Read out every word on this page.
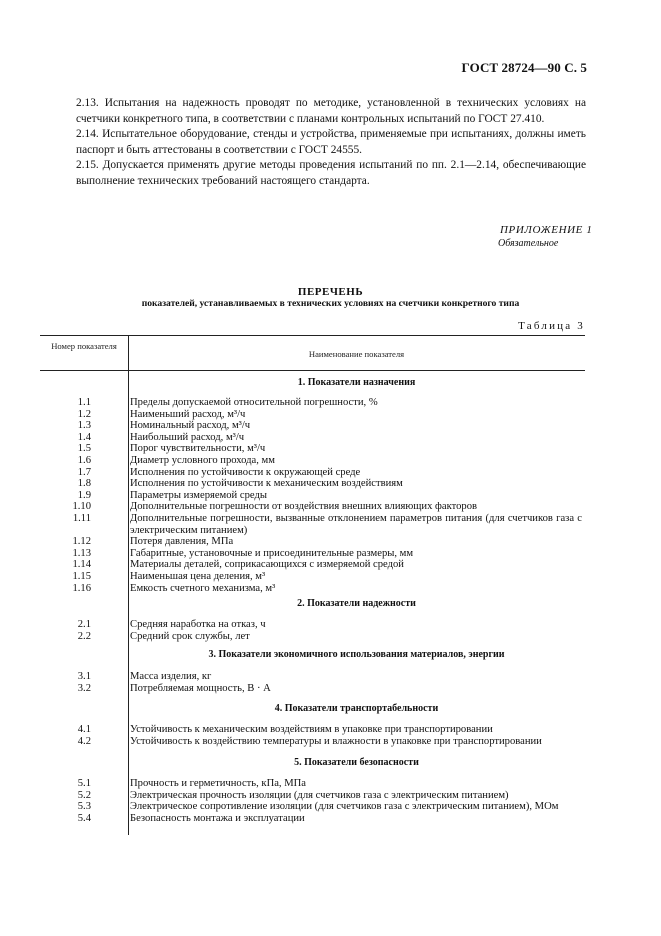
ГОСТ 28724—90 С. 5

2.13. Испытания на надежность проводят по методике, установленной в технических условиях на счетчики конкретного типа, в соответствии с планами контрольных испытаний по ГОСТ 27.410.

2.14. Испытательное оборудование, стенды и устройства, применяемые при испытаниях, должны иметь паспорт и быть аттестованы в соответствии с ГОСТ 24555.

2.15. Допускается применять другие методы проведения испытаний по пп. 2.1—2.14, обеспечивающие выполнение технических требований настоящего стандарта.

ПРИЛОЖЕНИЕ 1
Обязательное
ПЕРЕЧЕНЬ
показателей, устанавливаемых в технических условиях на счетчики конкретного типа
Таблица 3
Номер показателя
Наименование показателя
1. Показатели назначения
1.1	Пределы допускаемой относительной погрешности, %
1.2	Наименьший расход, м³/ч
1.3	Номинальный расход, м³/ч
1.4	Наибольший расход, м³/ч
1.5	Порог чувствительности, м³/ч
1.6	Диаметр условного прохода, мм
1.7	Исполнения по устойчивости к окружающей среде
1.8	Исполнения по устойчивости к механическим воздействиям
1.9	Параметры измеряемой среды
1.10	Дополнительные погрешности от воздействия внешних влияющих факторов
1.11	Дополнительные погрешности, вызванные отклонением параметров питания (для счетчиков газа с электрическим питанием)
1.12	Потеря давления, МПа
1.13	Габаритные, установочные и присоединительные размеры, мм
1.14	Материалы деталей, соприкасающихся с измеряемой средой
1.15	Наименьшая цена деления, м³
1.16	Емкость счетного механизма, м³
2. Показатели надежности
2.1	Средняя наработка на отказ, ч
2.2	Средний срок службы, лет
3. Показатели экономичного использования материалов, энергии
3.1	Масса изделия, кг
3.2	Потребляемая мощность, В · А
4. Показатели транспортабельности
4.1	Устойчивость к механическим воздействиям в упаковке при транспортировании
4.2	Устойчивость к воздействию температуры и влажности в упаковке при транспортировании
5. Показатели безопасности
5.1	Прочность и герметичность, кПа, МПа
5.2	Электрическая прочность изоляции (для счетчиков газа с электрическим питанием)
5.3	Электрическое сопротивление изоляции (для счетчиков газа с электрическим питанием), МОм
5.4	Безопасность монтажа и эксплуатации
